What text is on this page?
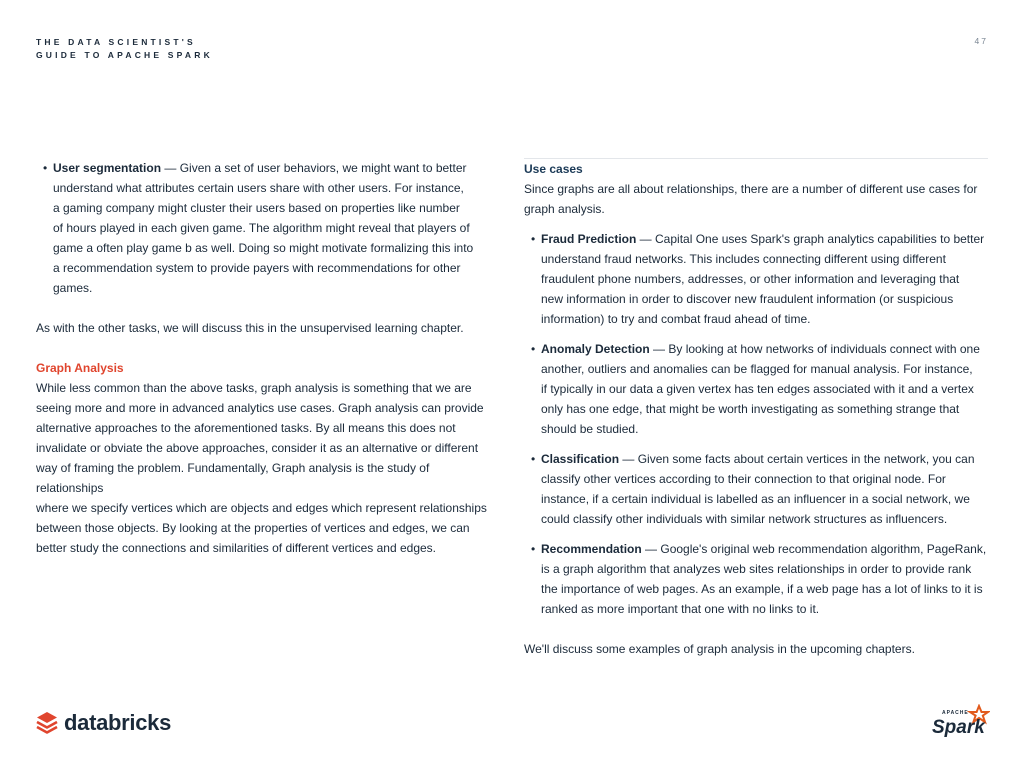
THE DATA SCIENTIST'S
GUIDE TO APACHE SPARK
47
• User segmentation — Given a set of user behaviors, we might want to better
understand what attributes certain users share with other users. For instance,
a gaming company might cluster their users based on properties like number
of hours played in each given game. The algorithm might reveal that players of
game a often play game b as well. Doing so might motivate formalizing this into
a recommendation system to provide payers with recommendations for other
games.

As with the other tasks, we will discuss this in the unsupervised learning chapter.

Graph Analysis

While less common than the above tasks, graph analysis is something that we are
seeing more and more in advanced analytics use cases. Graph analysis can provide
alternative approaches to the aforementioned tasks. By all means this does not
invalidate or obviate the above approaches, consider it as an alternative or different
way of framing the problem. Fundamentally, Graph analysis is the study of relationships
where we specify vertices which are objects and edges which represent relationships
between those objects. By looking at the properties of vertices and edges, we can
better study the connections and similarities of different vertices and edges.

Use cases

Since graphs are all about relationships, there are a number of different use cases for
graph analysis.
• Fraud Prediction — Capital One uses Spark's graph analytics capabilities to better
understand fraud networks. This includes connecting different using different
fraudulent phone numbers, addresses, or other information and leveraging that
new information in order to discover new fraudulent information (or suspicious
information) to try and combat fraud ahead of time.
• Anomaly Detection — By looking at how networks of individuals connect with one
another, outliers and anomalies can be flagged for manual analysis. For instance,
if typically in our data a given vertex has ten edges associated with it and a vertex
only has one edge, that might be worth investigating as something strange that
should be studied.
• Classification — Given some facts about certain vertices in the network, you can
classify other vertices according to their connection to that original node. For
instance, if a certain individual is labelled as an influencer in a social network, we
could classify other individuals with similar network structures as influencers.
• Recommendation — Google's original web recommendation algorithm, PageRank,
is a graph algorithm that analyzes web sites relationships in order to provide rank
the importance of web pages. As an example, if a web page has a lot of links to it is
ranked as more important that one with no links to it.

We'll discuss some examples of graph analysis in the upcoming chapters.

databricks	APACHE
Spark
